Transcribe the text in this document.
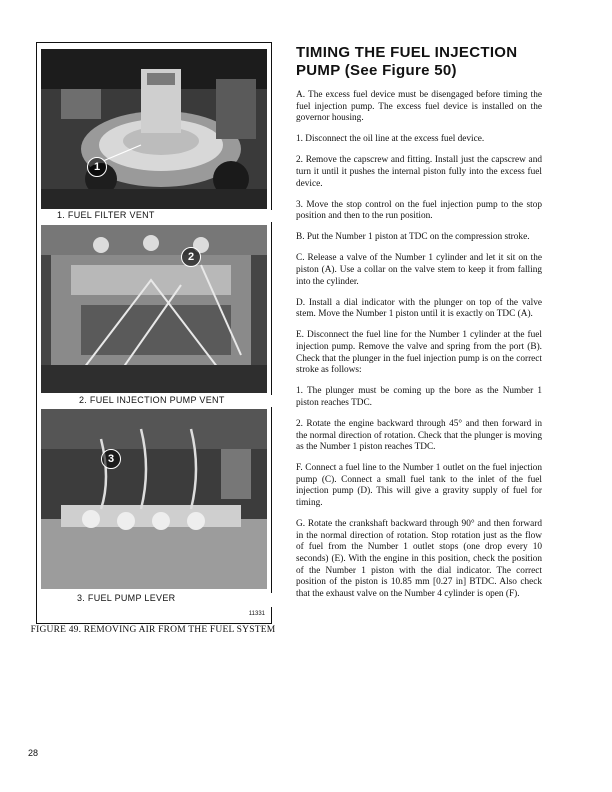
1
1. FUEL FILTER VENT
2
2. FUEL INJECTION PUMP VENT
3
3. FUEL PUMP LEVER
11331
FIGURE 49. REMOVING AIR FROM THE FUEL SYSTEM
TIMING THE FUEL INJECTION PUMP (See Figure 50)

A. The excess fuel device must be disengaged before timing the fuel injection pump. The excess fuel device is installed on the governor housing.

1. Disconnect the oil line at the excess fuel device.

2. Remove the capscrew and fitting. Install just the capscrew and turn it until it pushes the internal piston fully into the excess fuel device.

3. Move the stop control on the fuel injection pump to the stop position and then to the run position.

B. Put the Number 1 piston at TDC on the compression stroke.

C. Release a valve of the Number 1 cylinder and let it sit on the piston (A). Use a collar on the valve stem to keep it from falling into the cylinder.

D. Install a dial indicator with the plunger on top of the valve stem. Move the Number 1 piston until it is exactly on TDC (A).

E. Disconnect the fuel line for the Number 1 cylinder at the fuel injection pump. Remove the valve and spring from the port (B). Check that the plunger in the fuel injection pump is on the correct stroke as follows:

1. The plunger must be coming up the bore as the Number 1 piston reaches TDC.

2. Rotate the engine backward through 45° and then forward in the normal direction of rotation. Check that the plunger is moving as the Number 1 piston reaches TDC.

F. Connect a fuel line to the Number 1 outlet on the fuel injection pump (C). Connect a small fuel tank to the inlet of the fuel injection pump (D). This will give a gravity supply of fuel for timing.

G. Rotate the crankshaft backward through 90° and then forward in the normal direction of rotation. Stop rotation just as the flow of fuel from the Number 1 outlet stops (one drop every 10 seconds) (E). With the engine in this position, check the position of the Number 1 piston with the dial indicator. The correct position of the piston is 10.85 mm [0.27 in] BTDC. Also check that the exhaust valve on the Number 4 cylinder is open (F).

28
